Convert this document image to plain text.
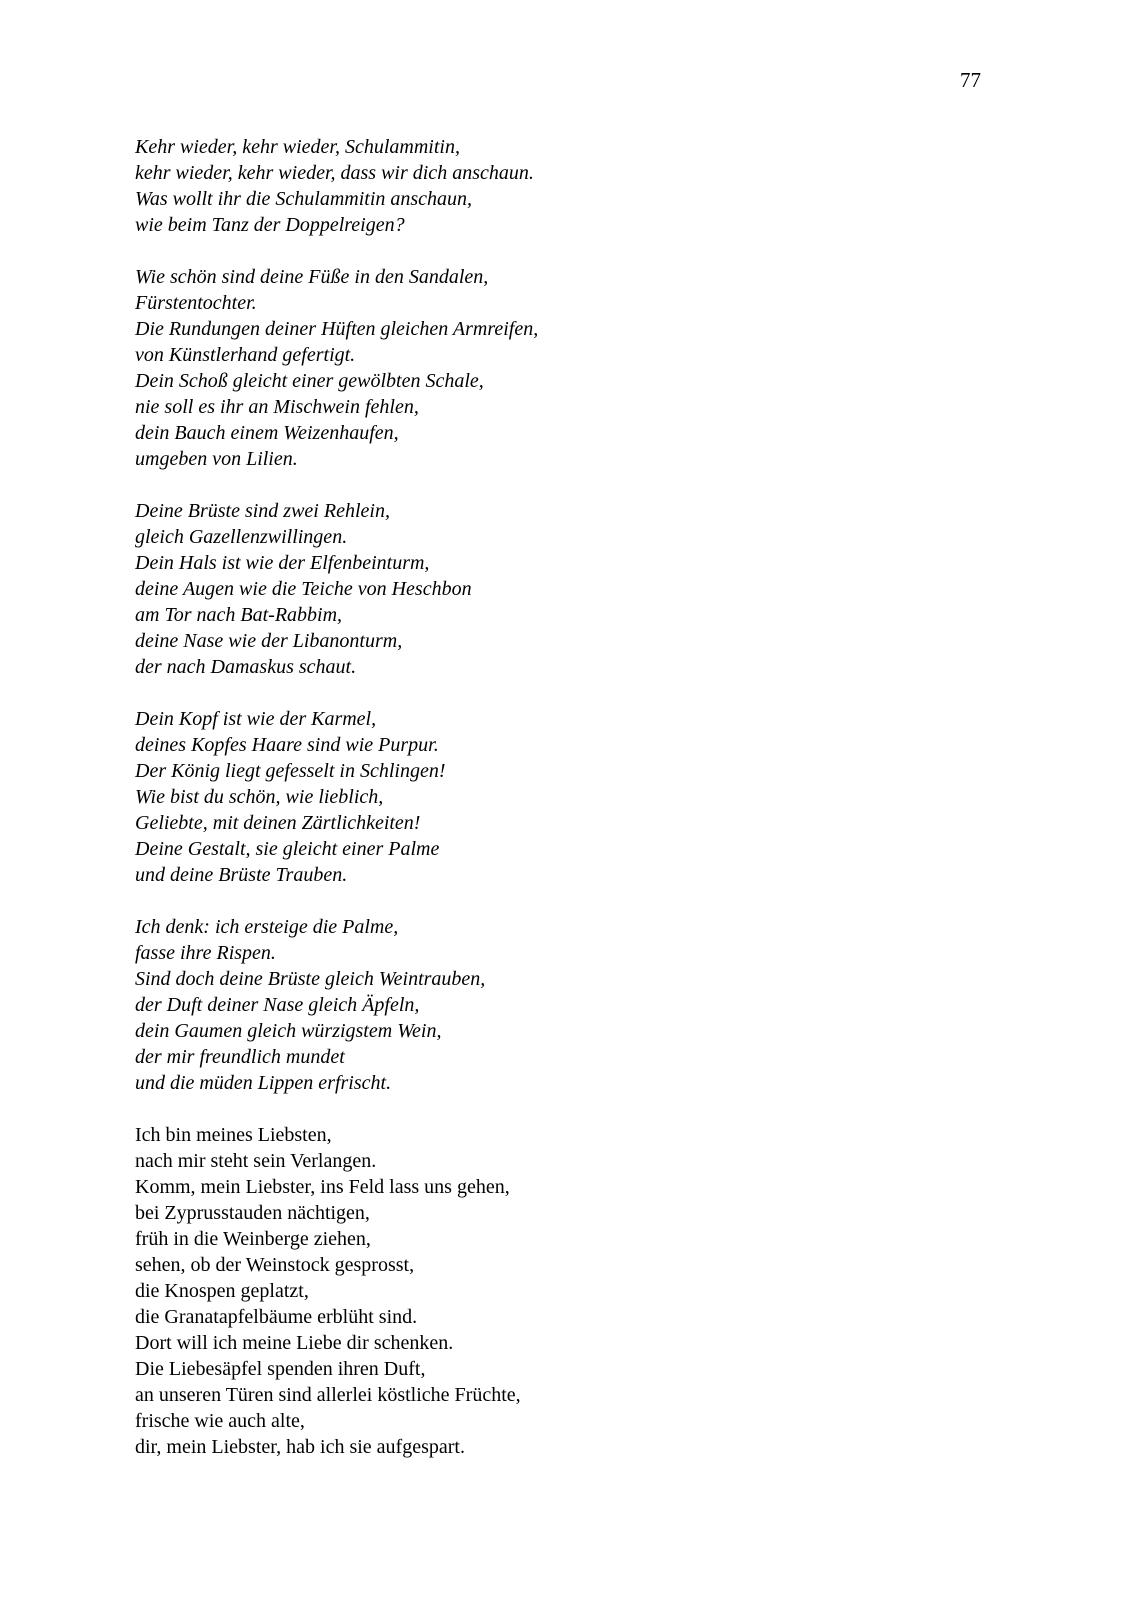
77
Kehr wieder, kehr wieder, Schulammitin,
kehr wieder, kehr wieder, dass wir dich anschaun.
Was wollt ihr die Schulammitin anschaun,
wie beim Tanz der Doppelreigen?
Wie schön sind deine Füße in den Sandalen,
Fürstentochter.
Die Rundungen deiner Hüften gleichen Armreifen,
von Künstlerhand gefertigt.
Dein Schoß gleicht einer gewölbten Schale,
nie soll es ihr an Mischwein fehlen,
dein Bauch einem Weizenhaufen,
umgeben von Lilien.
Deine Brüste sind zwei Rehlein,
gleich Gazellenzwillingen.
Dein Hals ist wie der Elfenbeinturm,
deine Augen wie die Teiche von Heschbon
am Tor nach Bat-Rabbim,
deine Nase wie der Libanonturm,
der nach Damaskus schaut.
Dein Kopf ist wie der Karmel,
deines Kopfes Haare sind wie Purpur.
Der König liegt gefesselt in Schlingen!
Wie bist du schön, wie lieblich,
Geliebte, mit deinen Zärtlichkeiten!
Deine Gestalt, sie gleicht einer Palme
und deine Brüste Trauben.
Ich denk: ich ersteige die Palme,
fasse ihre Rispen.
Sind doch deine Brüste gleich Weintrauben,
der Duft deiner Nase gleich Äpfeln,
dein Gaumen gleich würzigstem Wein,
der mir freundlich mundet
und die müden Lippen erfrischt.
Ich bin meines Liebsten,
nach mir steht sein Verlangen.
Komm, mein Liebster, ins Feld lass uns gehen,
bei Zyprusstauden nächtigen,
früh in die Weinberge ziehen,
sehen, ob der Weinstock gesprosst,
die Knospen geplatzt,
die Granatapfelbäume erblüht sind.
Dort will ich meine Liebe dir schenken.
Die Liebesäpfel spenden ihren Duft,
an unseren Türen sind allerlei köstliche Früchte,
frische wie auch alte,
dir, mein Liebster, hab ich sie aufgespart.
